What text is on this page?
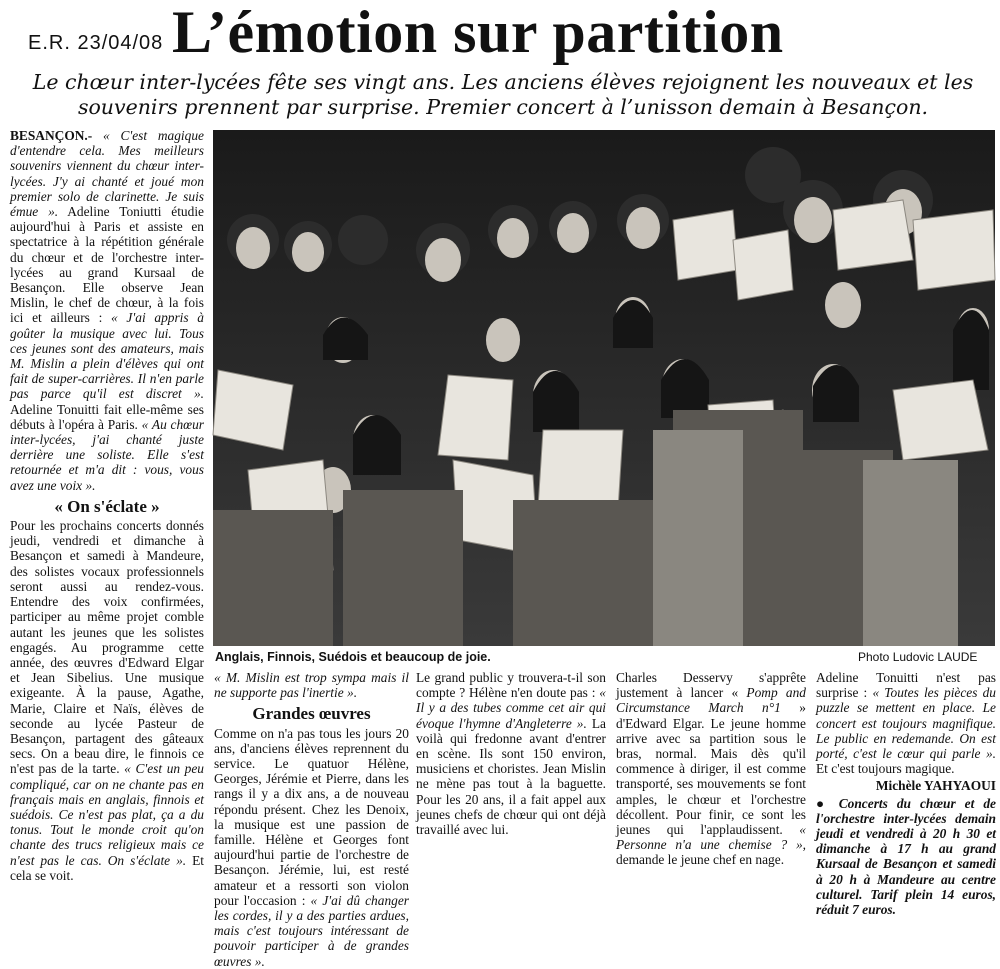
E.R. 23/04/08 L’émotion sur partition
Le chœur inter-lycées fête ses vingt ans. Les anciens élèves rejoignent les nouveaux et les souvenirs prennent par surprise. Premier concert à l’unisson demain à Besançon.
Anglais, Finnois, Suédois et beaucoup de joie.	Photo Ludovic LAUDE

BESANÇON.- « C'est magique d'entendre cela. Mes meilleurs souvenirs viennent du chœur inter-lycées. J'y ai chanté et joué mon premier solo de clarinette. Je suis émue ». Adeline Toniutti étudie aujourd'hui à Paris et assiste en spectatrice à la répétition générale du chœur et de l'orchestre inter-lycées au grand Kursaal de Besançon. Elle observe Jean Mislin, le chef de chœur, à la fois ici et ailleurs : « J'ai appris à goûter la musique avec lui. Tous ces jeunes sont des amateurs, mais M. Mislin a plein d'élèves qui ont fait de super-carrières. Il n'en parle pas parce qu'il est discret ». Adeline Tonuitti fait elle-même ses débuts à l'opéra à Paris. « Au chœur inter-lycées, j'ai chanté juste derrière une soliste. Elle s'est retournée et m'a dit : vous, vous avez une voix ».

« On s'éclate »

Pour les prochains concerts donnés jeudi, vendredi et dimanche à Besançon et samedi à Mandeure, des solistes vocaux professionnels seront aussi au rendez-vous. Entendre des voix confirmées, participer au même projet comble autant les jeunes que les solistes engagés. Au programme cette année, des œuvres d'Edward Elgar et Jean Sibelius. Une musique exigeante. À la pause, Agathe, Marie, Claire et Naïs, élèves de seconde au lycée Pasteur de Besançon, partagent des gâteaux secs. On a beau dire, le finnois ce n'est pas de la tarte. « C'est un peu compliqué, car on ne chante pas en français mais en anglais, finnois et suédois. Ce n'est pas plat, ça a du tonus. Tout le monde croit qu'on chante des trucs religieux mais ce n'est pas le cas. On s'éclate ». Et cela se voit.

« M. Mislin est trop sympa mais il ne supporte pas l'inertie ».

Grandes œuvres

Comme on n'a pas tous les jours 20 ans, d'anciens élèves reprennent du service. Le quatuor Hélène, Georges, Jérémie et Pierre, dans les rangs il y a dix ans, a de nouveau répondu présent. Chez les Denoix, la musique est une passion de famille. Hélène et Georges font aujourd'hui partie de l'orchestre de Besançon. Jérémie, lui, est resté amateur et a ressorti son violon pour l'occasion : « J'ai dû changer les cordes, il y a des parties ardues, mais c'est toujours intéressant de pouvoir participer à de grandes œuvres ».

Le grand public y trouvera-t-il son compte ? Hélène n'en doute pas : « Il y a des tubes comme cet air qui évoque l'hymne d'Angleterre ». La voilà qui fredonne avant d'entrer en scène. Ils sont 150 environ, musiciens et choristes. Jean Mislin ne mène pas tout à la baguette. Pour les 20 ans, il a fait appel aux jeunes chefs de chœur qui ont déjà travaillé avec lui.

Charles Desservy s'apprête justement à lancer « Pomp and Circumstance March n°1 » d'Edward Elgar. Le jeune homme arrive avec sa partition sous le bras, normal. Mais dès qu'il commence à diriger, il est comme transporté, ses mouvements se font amples, le chœur et l'orchestre décollent. Pour finir, ce sont les jeunes qui l'applaudissent. « Personne n'a une chemise ? », demande le jeune chef en nage.

Adeline Tonuitti n'est pas surprise : « Toutes les pièces du puzzle se mettent en place. Le concert est toujours magnifique. Le public en redemande. On est porté, c'est le cœur qui parle ». Et c'est toujours magique.

Michèle YAHYAOUI
● Concerts du chœur et de l'orchestre inter-lycées demain jeudi et vendredi à 20 h 30 et dimanche à 17 h au grand Kursaal de Besançon et samedi à 20 h à Mandeure au centre culturel. Tarif plein 14 euros, réduit 7 euros.
